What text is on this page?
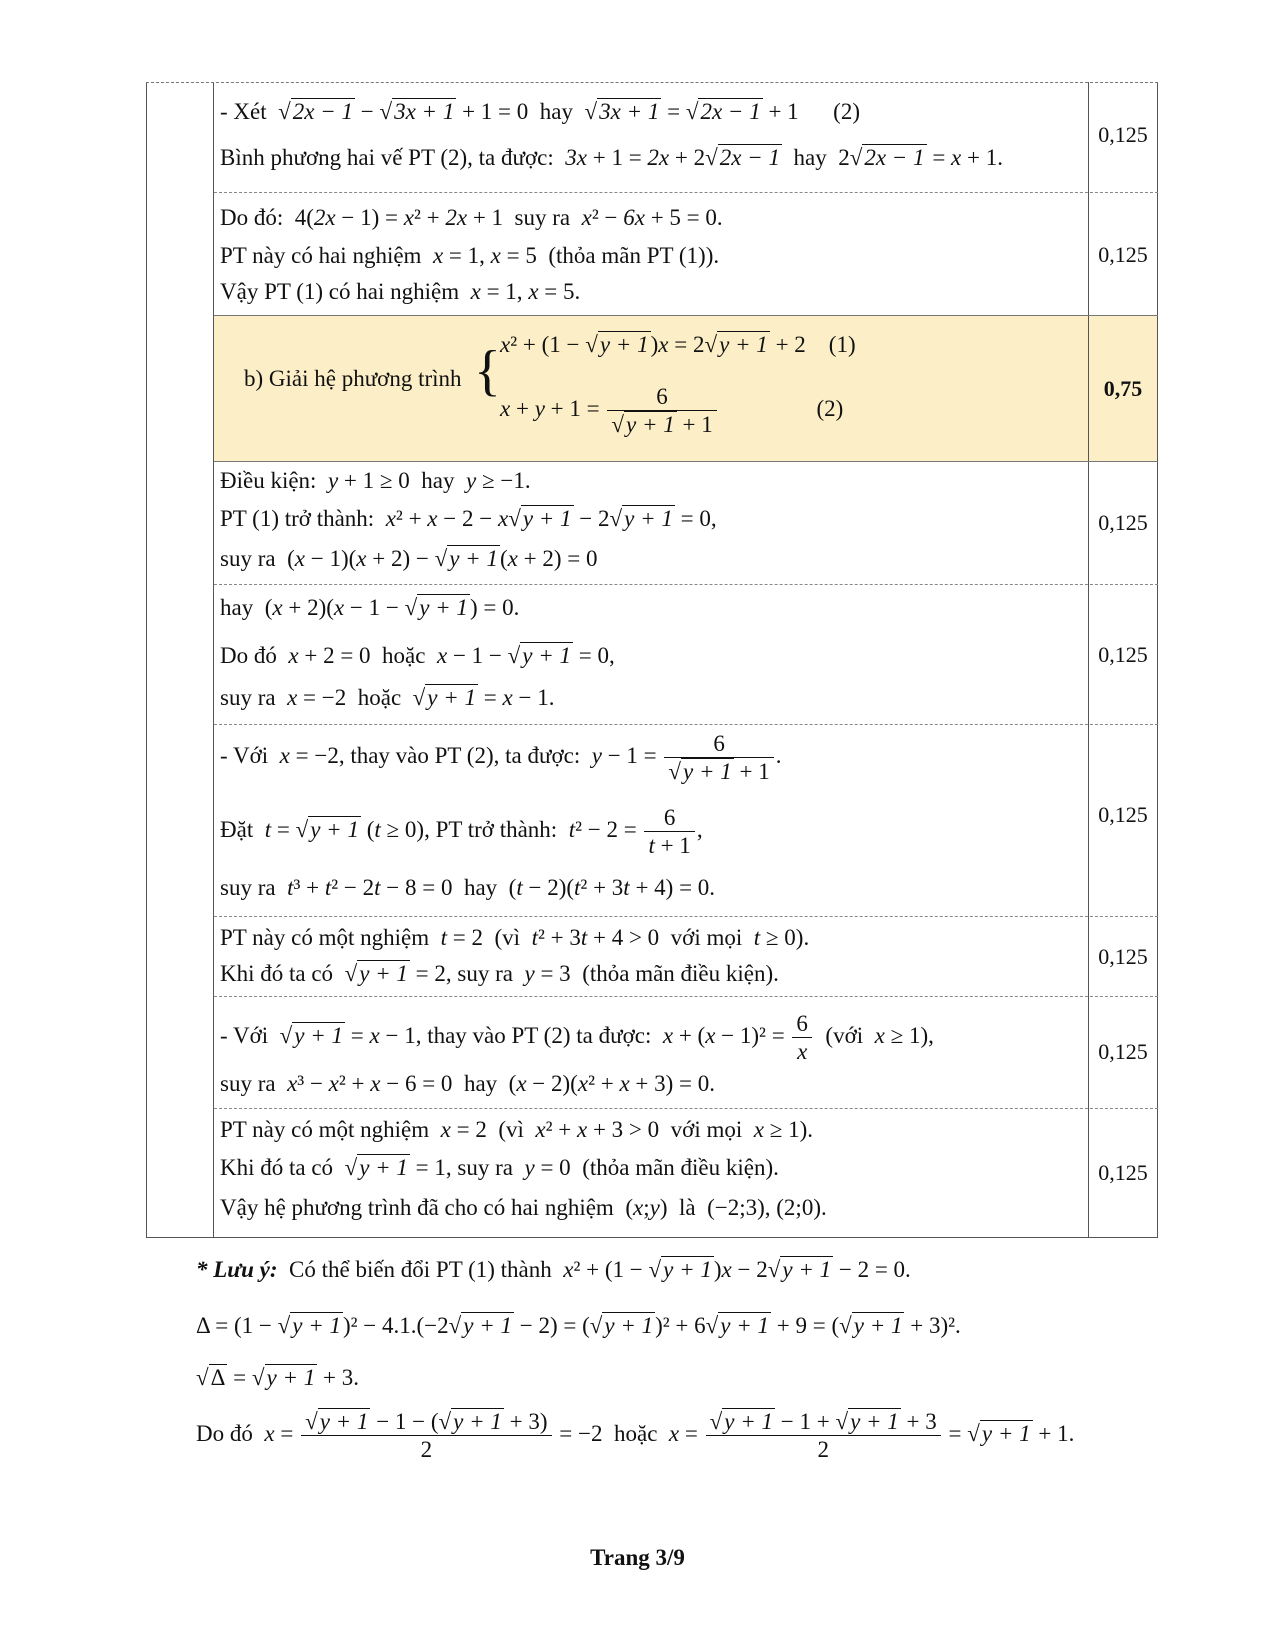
- Xét √2x − 1 − √3x + 1 + 1 = 0  hay √3x + 1 = √2x − 1 + 1      (2)
Bình phương hai vế PT (2), ta được: 3x + 1 = 2x + 2√2x − 1 hay  2√2x − 1 = x + 1.
0,125
Do đó:  4(2x − 1) = x² + 2x + 1  suy ra x² − 6x + 5 = 0.
PT này có hai nghiệm x = 1, x = 5  (thỏa mãn PT (1)).
Vậy PT (1) có hai nghiệm x = 1, x = 5.
0,125
b) Giải hệ phương trình { x² + (1 − √y + 1)x = 2√y + 1 + 2    (1)
$x + y + 1 = \frac{6}{√y + 1 + 1} (2)$
0,75
Điều kiện: y + 1 ≥ 0  hay y ≥ −1.
PT (1) trở thành: x² + x − 2 − x√y + 1 − 2√y + 1 = 0,
suy ra  (x − 1)(x + 2) − √y + 1(x + 2) = 0
0,125
hay  (x + 2)(x − 1 − √y + 1) = 0.
Do đó x + 2 = 0  hoặc x − 1 − √y + 1 = 0,
suy ra x = −2  hoặc √y + 1 = x − 1.
0,125
- Với x = −2, thay vào PT (2), ta được: $y - 1 = \frac{6}{√y + 1 + 1}$ .
Đặt t = √y + 1 (t ≥ 0), PT trở thành: $t^2 - 2 = \frac{6}{t + 1}$ ,
suy ra t³ + t² − 2t − 8 = 0  hay  (t − 2)(t² + 3t + 4) = 0.
0,125
PT này có một nghiệm t = 2  (vì t² + 3t + 4 > 0  với mọi t ≥ 0).
Khi đó ta có √y + 1 = 2, suy ra y = 3  (thỏa mãn điều kiện).
0,125
- Với √y + 1 = x − 1, thay vào PT (2) ta được: $x + (x - 1)^2 = \frac{6}{x}$ (với x ≥ 1),
suy ra x³ − x² + x − 6 = 0  hay  (x − 2)(x² + x + 3) = 0.
0,125
PT này có một nghiệm x = 2  (vì x² + x + 3 > 0  với mọi x ≥ 1).
Khi đó ta có √y + 1 = 1, suy ra y = 0  (thỏa mãn điều kiện).
Vậy hệ phương trình đã cho có hai nghiệm  (x;y)  là  (−2;3), (2;0).
0,125
* Lưu ý: Có thể biến đổi PT (1) thành x² + (1 − √y + 1)x − 2√y + 1 − 2 = 0.
Δ = (1 − √y + 1)² − 4.1.(−2√y + 1 − 2) = (√y + 1)² + 6√y + 1 + 9 = (√y + 1 + 3)².
√Δ = √y + 1 + 3.
Do đó $x = \frac{√y + 1 - 1 - (√y + 1 + 3)}{2} = -2$  hoặc $x = \frac{√y + 1 - 1 + √y + 1 + 3}{2} = √y + 1 + 1$.
Trang 3/9
